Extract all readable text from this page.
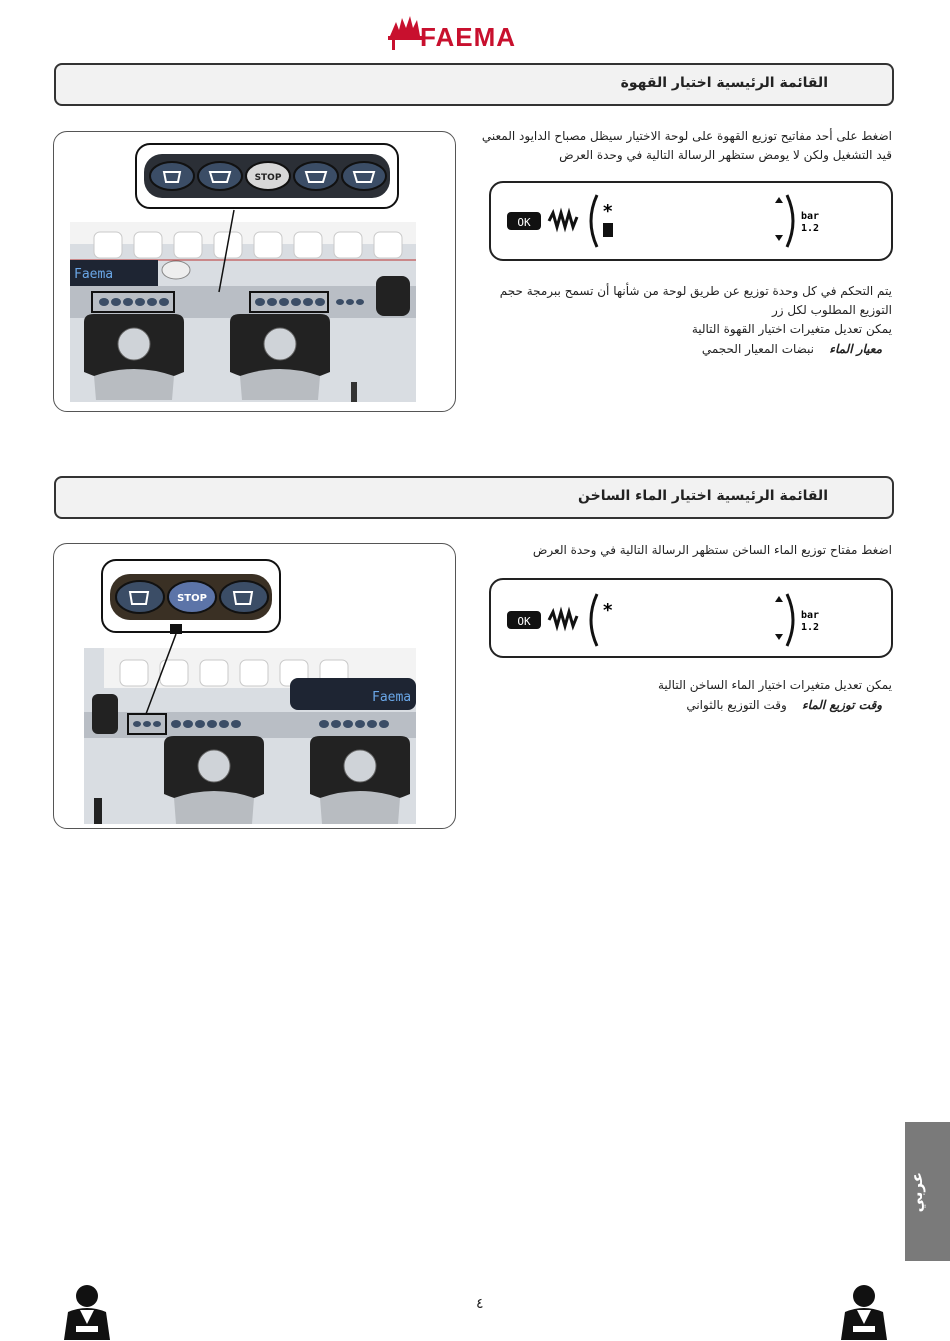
FAEMA
القائمة الرئيسية اختيار القهوة
Faema
STOP
اضغط على أحد مفاتيح توزيع القهوة على لوحة الاختيار سيظل مصباح الدايود المعني قيد التشغيل ولكن لا يومض ستظهر الرسالة التالية في وحدة العرض
OK
*	bar
1.2
يتم التحكم في كل وحدة توزيع عن طريق لوحة من شأنها أن تسمح ببرمجة حجم التوزيع المطلوب لكل زر
يمكن تعديل متغيرات اختيار القهوة التالية
معيار الماء    نبضات المعيار الحجمي
القائمة الرئيسية اختيار الماء الساخن
Faema
STOP
اضغط مفتاح توزيع الماء الساخن ستظهر الرسالة التالية في وحدة العرض
OK
*	bar
1.2
يمكن تعديل متغيرات اختيار الماء الساخن التالية
وقت توزيع الماء    وقت التوزيع بالثواني
عربي
٤
